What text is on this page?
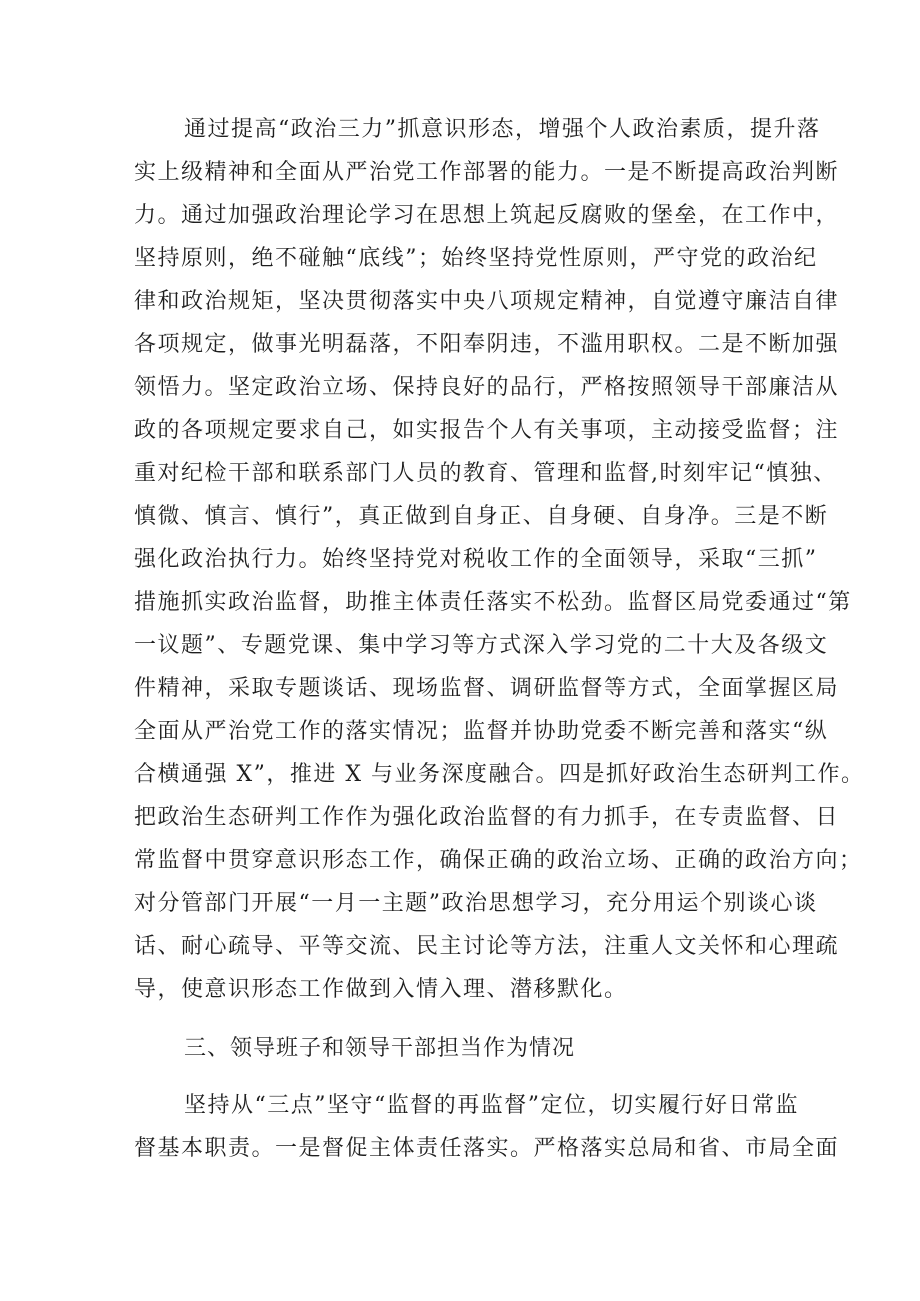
通过提高“政治三力”抓意识形态，增强个人政治素质，提升落
实上级精神和全面从严治党工作部署的能力。一是不断提高政治判断
力。通过加强政治理论学习在思想上筑起反腐败的堡垒，在工作中，
坚持原则，绝不碰触“底线”；始终坚持党性原则，严守党的政治纪
律和政治规矩，坚决贯彻落实中央八项规定精神，自觉遵守廉洁自律
各项规定，做事光明磊落，不阳奉阴违，不滥用职权。二是不断加强
领悟力。坚定政治立场、保持良好的品行，严格按照领导干部廉洁从
政的各项规定要求自己，如实报告个人有关事项，主动接受监督；注
重对纪检干部和联系部门人员的教育、管理和监督,时刻牢记“慎独、
慎微、慎言、慎行”，真正做到自身正、自身硬、自身净。三是不断
强化政治执行力。始终坚持党对税收工作的全面领导，采取“三抓”
措施抓实政治监督，助推主体责任落实不松劲。监督区局党委通过“第
一议题”、专题党课、集中学习等方式深入学习党的二十大及各级文
件精神，采取专题谈话、现场监督、调研监督等方式，全面掌握区局
全面从严治党工作的落实情况；监督并协助党委不断完善和落实“纵
合横通强 X”，推进 X 与业务深度融合。四是抓好政治生态研判工作。
把政治生态研判工作作为强化政治监督的有力抓手，在专责监督、日
常监督中贯穿意识形态工作，确保正确的政治立场、正确的政治方向；
对分管部门开展“一月一主题”政治思想学习，充分用运个别谈心谈
话、耐心疏导、平等交流、民主讨论等方法，注重人文关怀和心理疏
导，使意识形态工作做到入情入理、潜移默化。
三、领导班子和领导干部担当作为情况
坚持从“三点”坚守“监督的再监督”定位，切实履行好日常监
督基本职责。一是督促主体责任落实。严格落实总局和省、市局全面
